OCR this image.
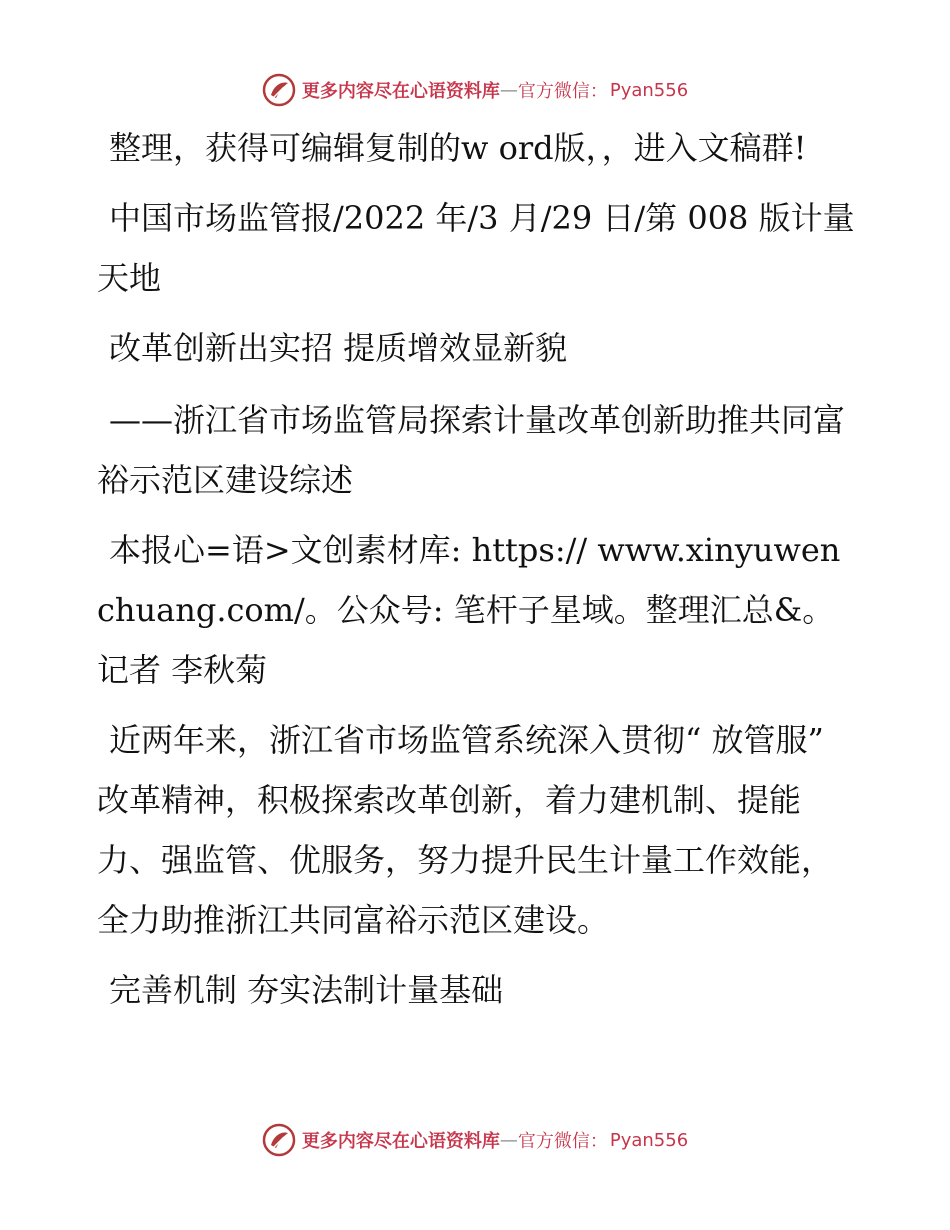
更多内容尽在心语资料库 — 官方微信： Pyan556

整理，获得可编辑复制的w ord版，，进入文稿群!

中国市场监管报/2022 年/3 月/29 日/第 008 版计量天地

改革创新出实招 提质增效显新貌

——浙江省市场监管局探索计量改革创新助推共同富裕示范区建设综述

本报心=语>文创素材库: https:// www.xinyuwenchuang.com/。公众号: 笔杆子星域。整理汇总&。记者 李秋菊

近两年来，浙江省市场监管系统深入贯彻“ 放管服” 改革精神，积极探索改革创新，着力建机制、提能力、强监管、优服务，努力提升民生计量工作效能，全力助推浙江共同富裕示范区建设。

完善机制 夯实法制计量基础

更多内容尽在心语资料库 — 官方微信： Pyan556
